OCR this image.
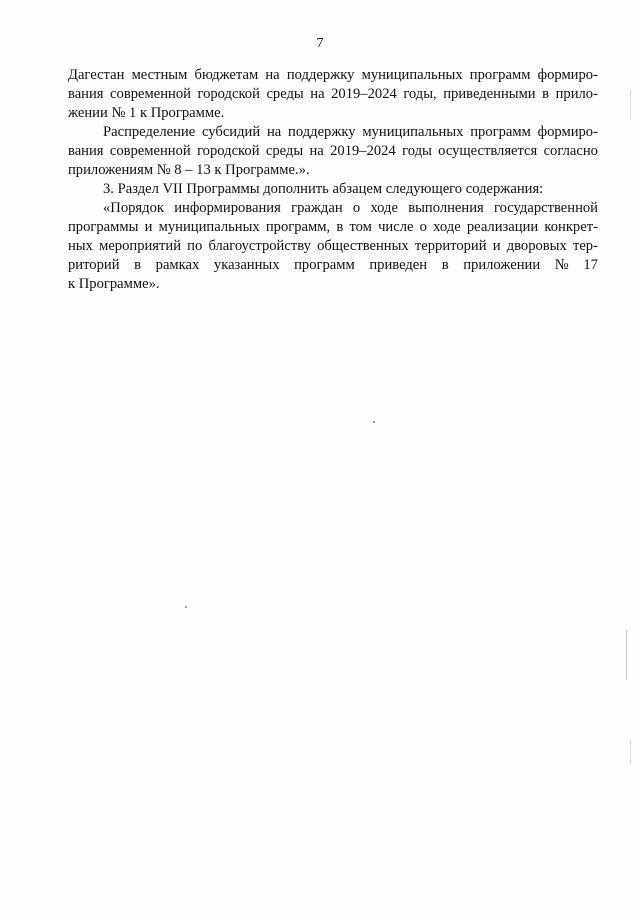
7
Дагестан местным бюджетам на поддержку муниципальных программ формиро-
вания современной городской среды на 2019–2024 годы, приведенными в прило-
жении № 1 к Программе.
Распределение субсидий на поддержку муниципальных программ формиро-
вания современной городской среды на 2019–2024 годы осуществляется согласно
приложениям № 8 – 13 к Программе.».
3. Раздел VII Программы дополнить абзацем следующего содержания:
«Порядок информирования граждан о ходе выполнения государственной
программы и муниципальных программ, в том числе о ходе реализации конкрет-
ных мероприятий по благоустройству общественных территорий и дворовых тер-
риторий в рамках указанных программ приведен в приложении № 17
к Программе».
